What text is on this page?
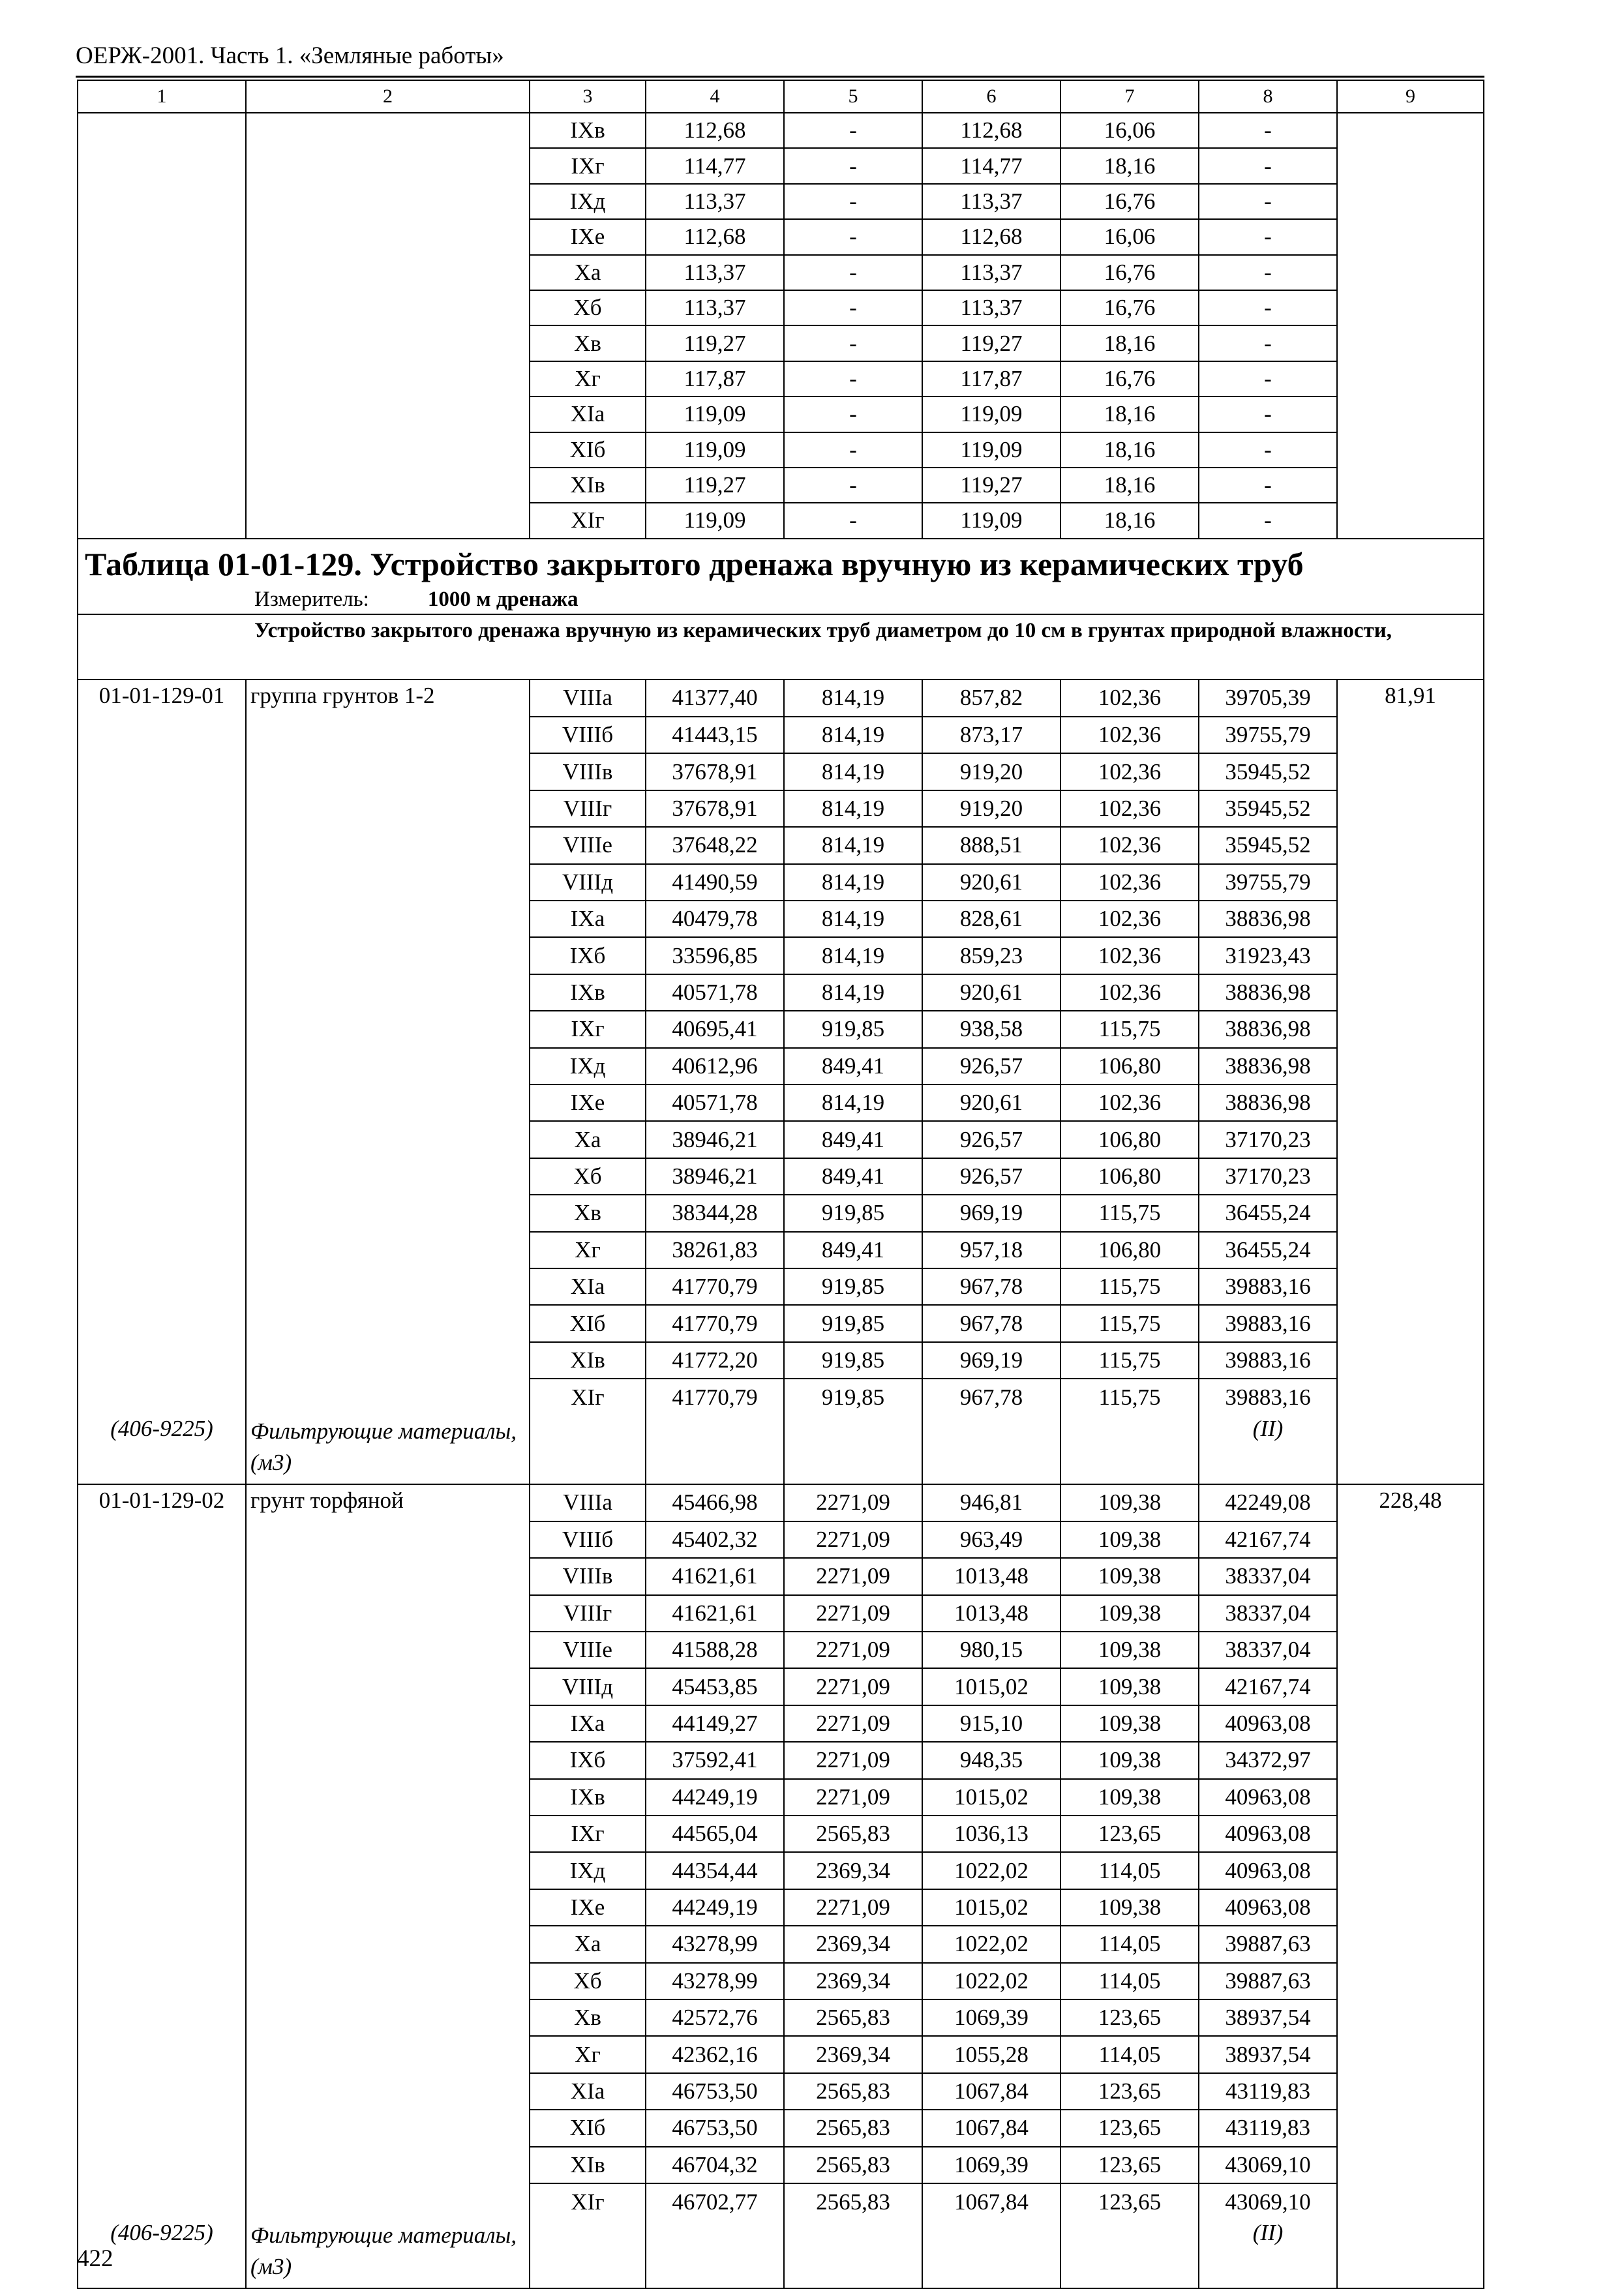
ОЕРЖ-2001. Часть 1. «Земляные работы»
1	2	3	4	5	6	7	8	9
		IXв	112,68	-	112,68	16,06	-	
		IXг	114,77	-	114,77	18,16	-	
		IXд	113,37	-	113,37	16,76	-	
		IXe	112,68	-	112,68	16,06	-	
		Xa	113,37	-	113,37	16,76	-	
		Xб	113,37	-	113,37	16,76	-	
		Xв	119,27	-	119,27	18,16	-	
		Xг	117,87	-	117,87	16,76	-	
		XIa	119,09	-	119,09	18,16	-	
		XIб	119,09	-	119,09	18,16	-	
		XIв	119,27	-	119,27	18,16	-	
		XIг	119,09	-	119,09	18,16	-	

Таблица 01-01-129. Устройство закрытого дренажа вручную из керамических труб
Измеритель: 1000 м дренажа								

Устройство закрытого дренажа вручную из керамических труб диаметром до 10 см в грунтах природной влажности,								

01-01-129-01	группа грунтов 1-2	VIIIa	41377,40	814,19	857,82	102,36	39705,39	81,91
		VIIIб	41443,15	814,19	873,17	102,36	39755,79	
		VIIIв	37678,91	814,19	919,20	102,36	35945,52	
		VIIIг	37678,91	814,19	919,20	102,36	35945,52	
		VIIIe	37648,22	814,19	888,51	102,36	35945,52	
		VIIIд	41490,59	814,19	920,61	102,36	39755,79	
		IXa	40479,78	814,19	828,61	102,36	38836,98	
		IXб	33596,85	814,19	859,23	102,36	31923,43	
		IXв	40571,78	814,19	920,61	102,36	38836,98	
		IXг	40695,41	919,85	938,58	115,75	38836,98	
		IXд	40612,96	849,41	926,57	106,80	38836,98	
		IXe	40571,78	814,19	920,61	102,36	38836,98	
		Xa	38946,21	849,41	926,57	106,80	37170,23	
		Xб	38946,21	849,41	926,57	106,80	37170,23	
		Xв	38344,28	919,85	969,19	115,75	36455,24	
		Xг	38261,83	849,41	957,18	106,80	36455,24	
		XIa	41770,79	919,85	967,78	115,75	39883,16	
		XIб	41770,79	919,85	967,78	115,75	39883,16	
		XIв	41772,20	919,85	969,19	115,75	39883,16	
		XIг	41770,79	919,85	967,78	115,75	39883,16	
(406-9225)	Фильтрующие материалы, (м3)						(II)	
01-01-129-02	грунт торфяной	VIIIa	45466,98	2271,09	946,81	109,38	42249,08	228,48
		VIIIб	45402,32	2271,09	963,49	109,38	42167,74	
		VIIIв	41621,61	2271,09	1013,48	109,38	38337,04	
		VIIIг	41621,61	2271,09	1013,48	109,38	38337,04	
		VIIIe	41588,28	2271,09	980,15	109,38	38337,04	
		VIIIд	45453,85	2271,09	1015,02	109,38	42167,74	
		IXa	44149,27	2271,09	915,10	109,38	40963,08	
		IXб	37592,41	2271,09	948,35	109,38	34372,97	
		IXв	44249,19	2271,09	1015,02	109,38	40963,08	
		IXг	44565,04	2565,83	1036,13	123,65	40963,08	
		IXд	44354,44	2369,34	1022,02	114,05	40963,08	
		IXe	44249,19	2271,09	1015,02	109,38	40963,08	
		Xa	43278,99	2369,34	1022,02	114,05	39887,63	
		Xб	43278,99	2369,34	1022,02	114,05	39887,63	
		Xв	42572,76	2565,83	1069,39	123,65	38937,54	
		Xг	42362,16	2369,34	1055,28	114,05	38937,54	
		XIa	46753,50	2565,83	1067,84	123,65	43119,83	
		XIб	46753,50	2565,83	1067,84	123,65	43119,83	
		XIв	46704,32	2565,83	1069,39	123,65	43069,10	
		XIг	46702,77	2565,83	1067,84	123,65	43069,10	
(406-9225)	Фильтрующие материалы, (м3)						(II)	
422
